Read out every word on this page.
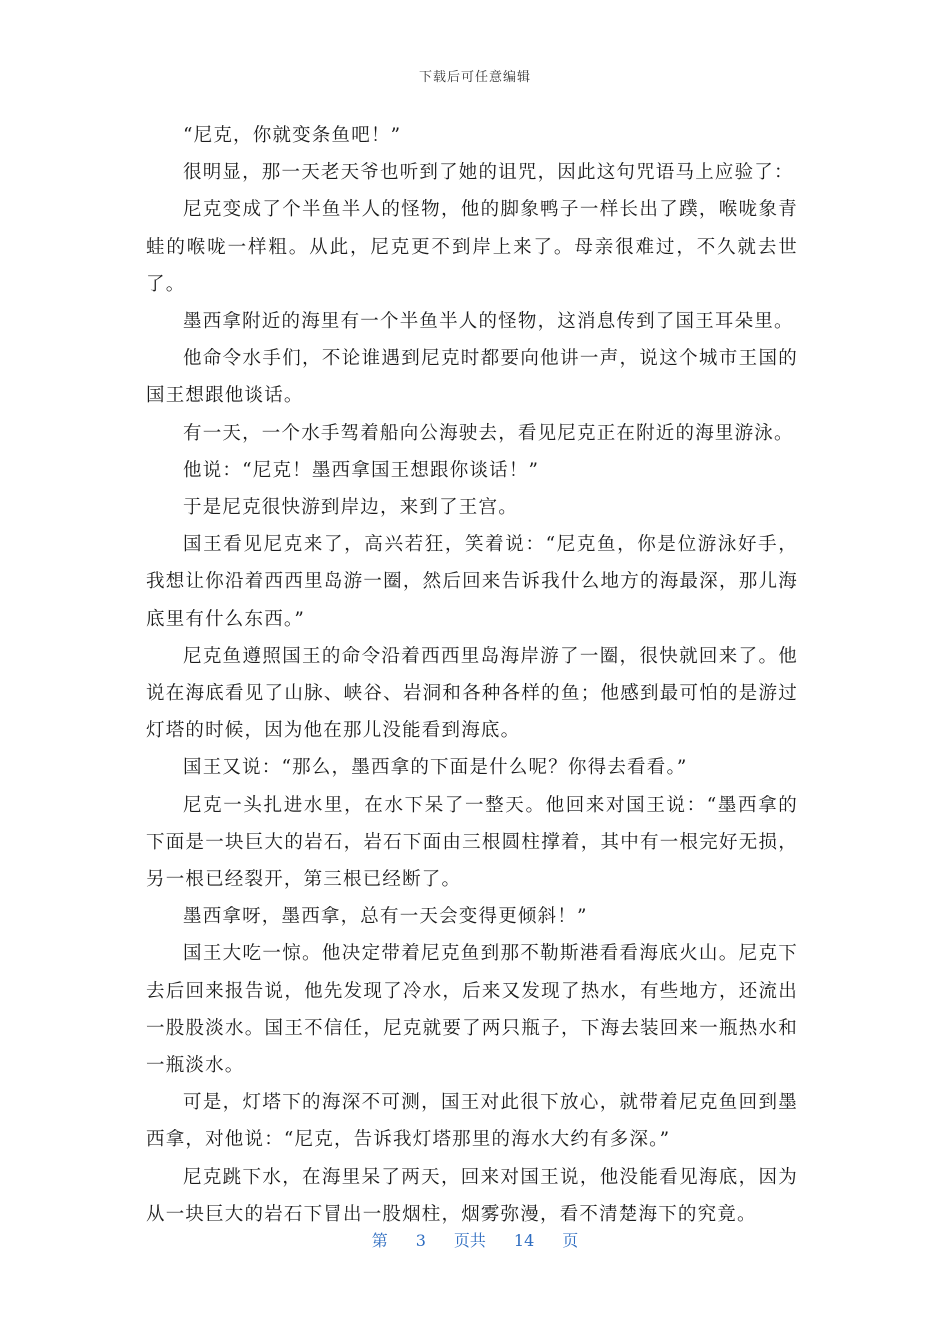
下载后可任意编辑

“尼克，你就变条鱼吧！”

很明显，那一天老天爷也听到了她的诅咒，因此这句咒语马上应验了：

尼克变成了个半鱼半人的怪物，他的脚象鸭子一样长出了蹼，喉咙象青蛙的喉咙一样粗。从此，尼克更不到岸上来了。母亲很难过，不久就去世了。

墨西拿附近的海里有一个半鱼半人的怪物，这消息传到了国王耳朵里。

他命令水手们，不论谁遇到尼克时都要向他讲一声，说这个城市王国的国王想跟他谈话。

有一天，一个水手驾着船向公海驶去，看见尼克正在附近的海里游泳。

他说：“尼克！墨西拿国王想跟你谈话！”

于是尼克很快游到岸边，来到了王宫。

国王看见尼克来了，高兴若狂，笑着说：“尼克鱼，你是位游泳好手，我想让你沿着西西里岛游一圈，然后回来告诉我什么地方的海最深，那儿海底里有什么东西。”

尼克鱼遵照国王的命令沿着西西里岛海岸游了一圈，很快就回来了。他说在海底看见了山脉、峡谷、岩洞和各种各样的鱼；他感到最可怕的是游过灯塔的时候，因为他在那儿没能看到海底。

国王又说：“那么，墨西拿的下面是什么呢？你得去看看。”

尼克一头扎进水里，在水下呆了一整天。他回来对国王说：“墨西拿的下面是一块巨大的岩石，岩石下面由三根圆柱撑着，其中有一根完好无损，另一根已经裂开，第三根已经断了。

墨西拿呀，墨西拿，总有一天会变得更倾斜！”

国王大吃一惊。他决定带着尼克鱼到那不勒斯港看看海底火山。尼克下去后回来报告说，他先发现了冷水，后来又发现了热水，有些地方，还流出一股股淡水。国王不信任，尼克就要了两只瓶子，下海去装回来一瓶热水和一瓶淡水。

可是，灯塔下的海深不可测，国王对此很下放心，就带着尼克鱼回到墨西拿，对他说：“尼克，告诉我灯塔那里的海水大约有多深。”

尼克跳下水，在海里呆了两天，回来对国王说，他没能看见海底，因为从一块巨大的岩石下冒出一股烟柱，烟雾弥漫，看不清楚海下的究竟。

第 3 页共 14 页
